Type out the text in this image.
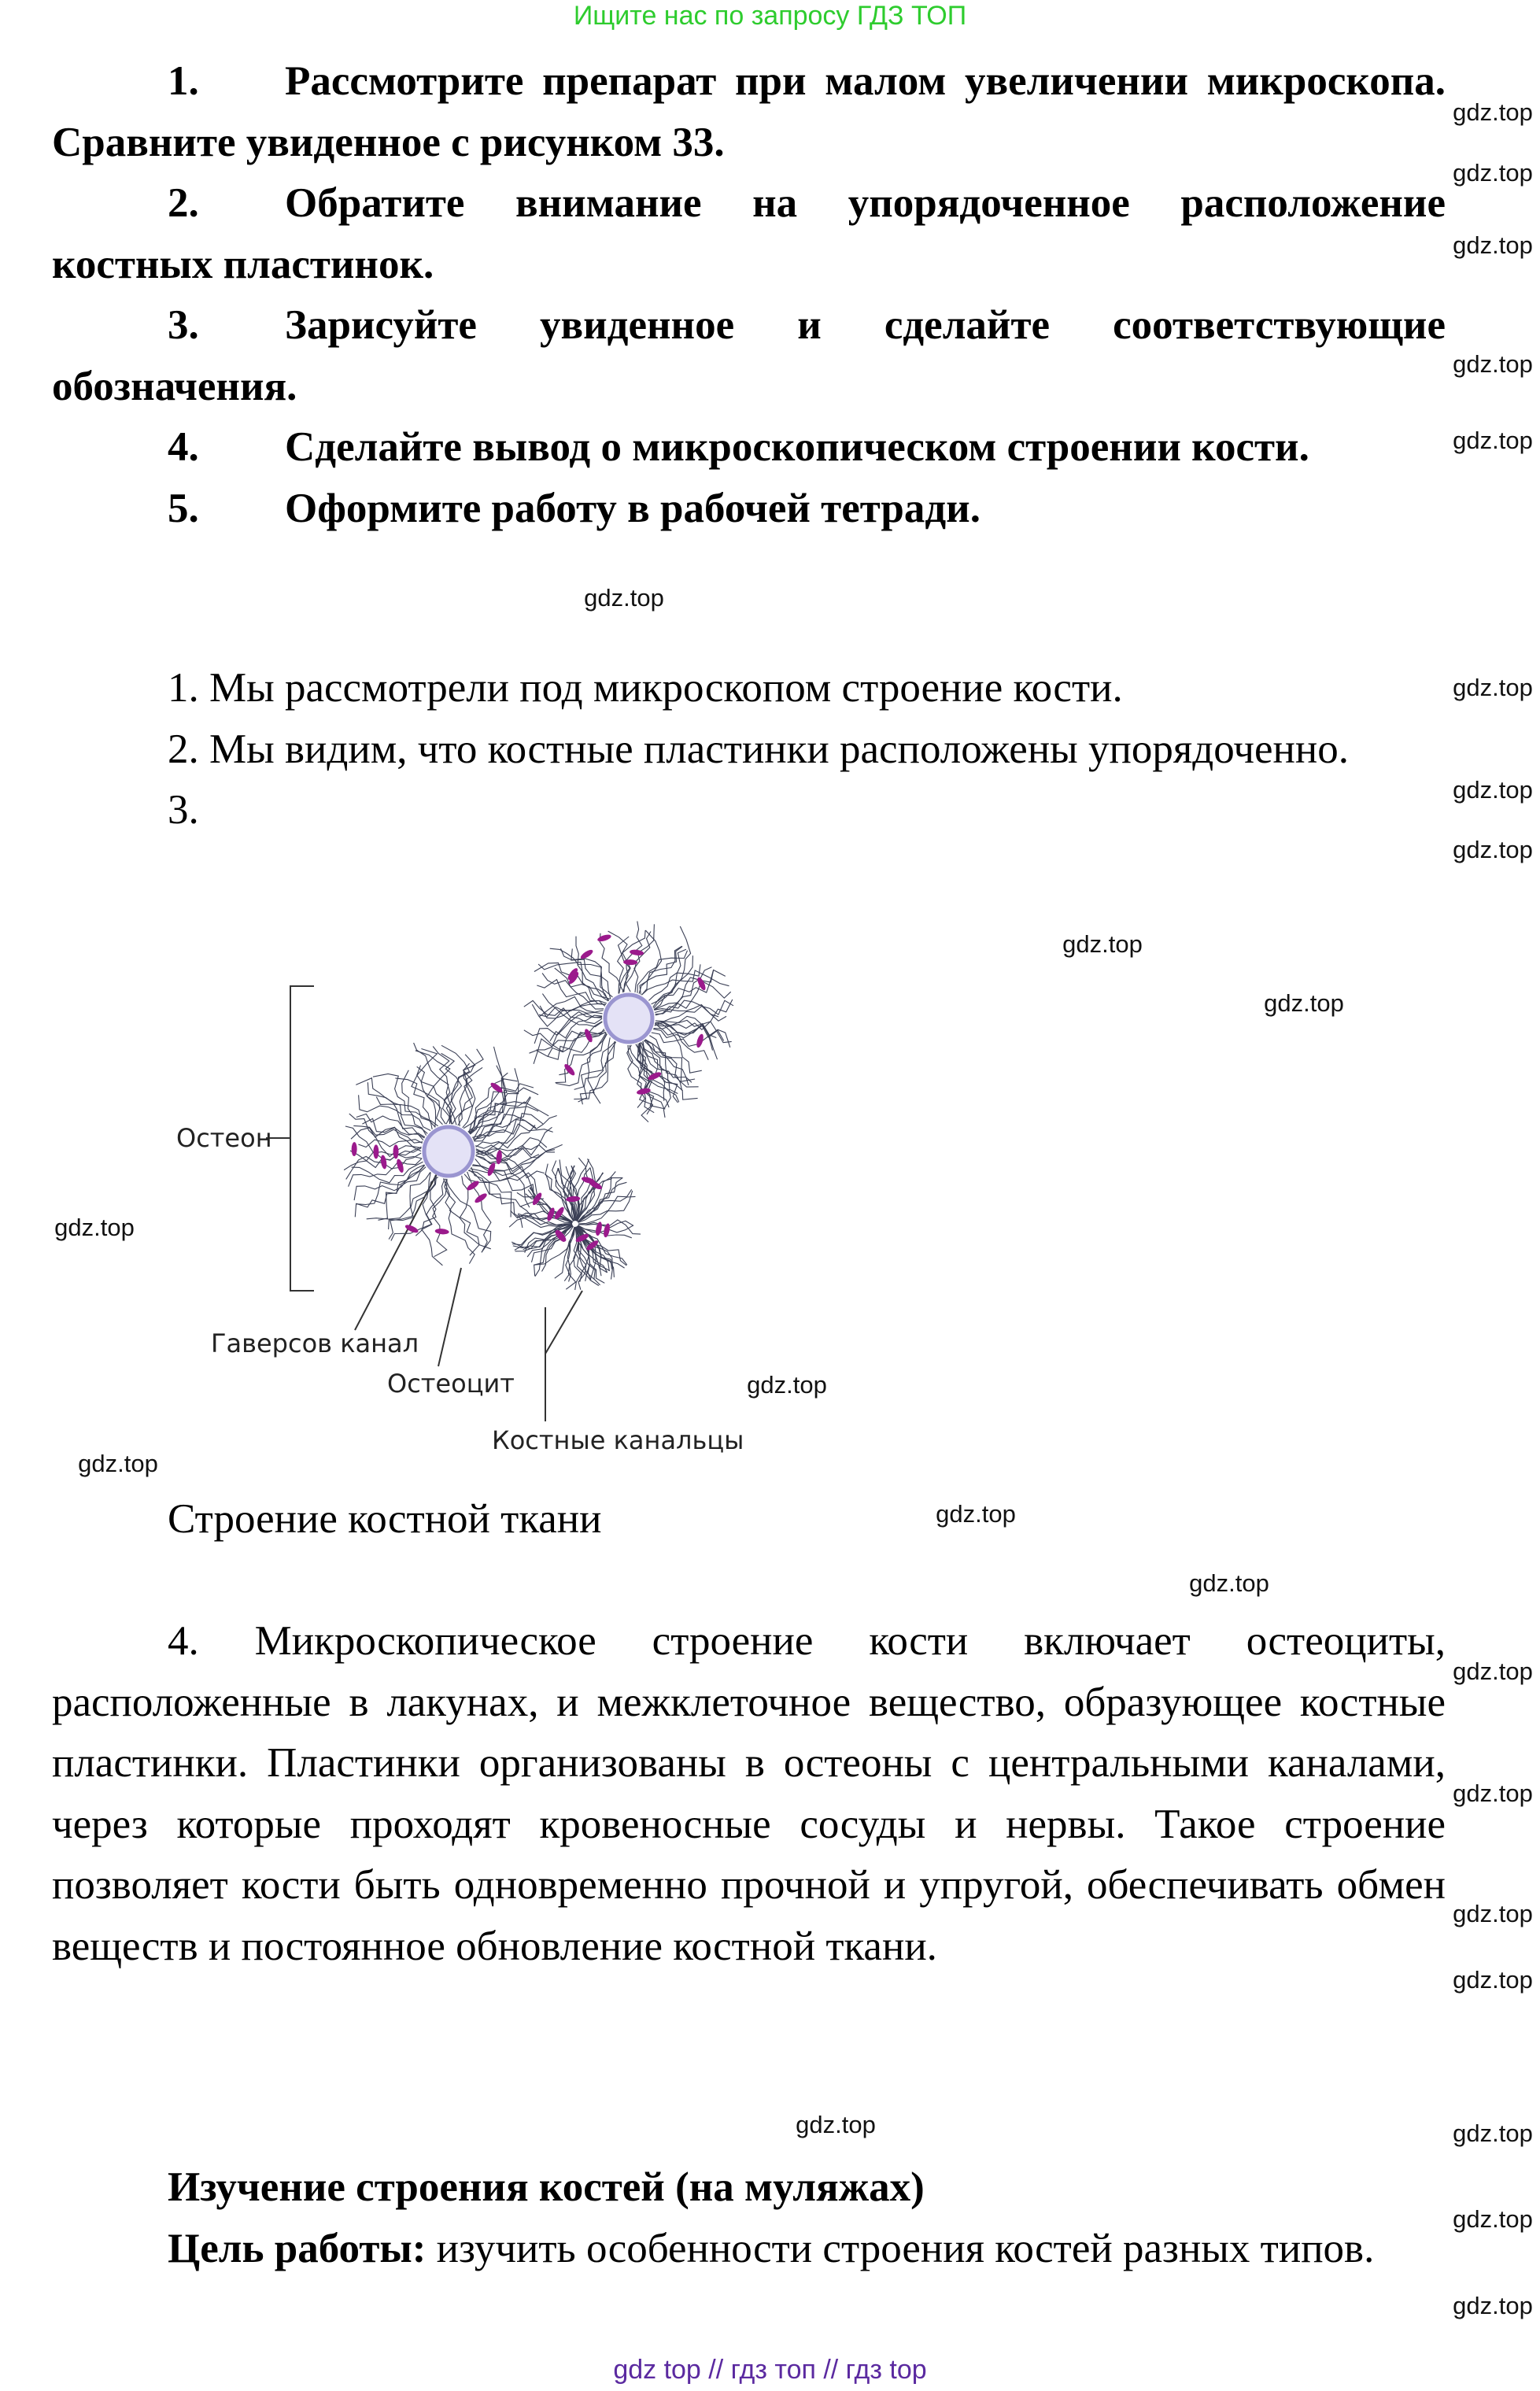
Ищите нас по запросу ГДЗ ТОП

1. Рассмотрите препарат при малом увеличении микроскопа. Сравните увиденное с рисунком 33.

2. Обратите внимание на упорядоченное расположение костных пластинок.

3. Зарисуйте увиденное и сделайте соответствующие обозначения.

4. Сделайте вывод о микроскопическом строении кости.

5. Оформите работу в рабочей тетради.

1. Мы рассмотрели под микроскопом строение кости.

2. Мы видим, что костные пластинки расположены упорядоченно.

3.

Остеон
Гаверсов канал
Остеоцит
Костные канальцы
Строение костной ткани

4. Микроскопическое строение кости включает остеоциты, расположенные в лакунах, и межклеточное вещество, образующее костные пластинки. Пластинки организованы в остеоны с центральными каналами, через которые проходят кровеносные сосуды и нервы. Такое строение позволяет кости быть одновременно прочной и упругой, обеспечивать обмен веществ и постоянное обновление костной ткани.

Изучение строения костей (на муляжах)

Цель работы: изучить особенности строения костей разных типов.

gdz.top
gdz.top
gdz.top
gdz.top
gdz.top
gdz.top
gdz.top
gdz.top
gdz.top
gdz.top
gdz.top
gdz.top
gdz.top
gdz.top
gdz.top
gdz.top
gdz.top
gdz.top
gdz.top
gdz.top
gdz.top	gdz.top
gdz.top
gdz.top
gdz top // гдз топ // гдз top
